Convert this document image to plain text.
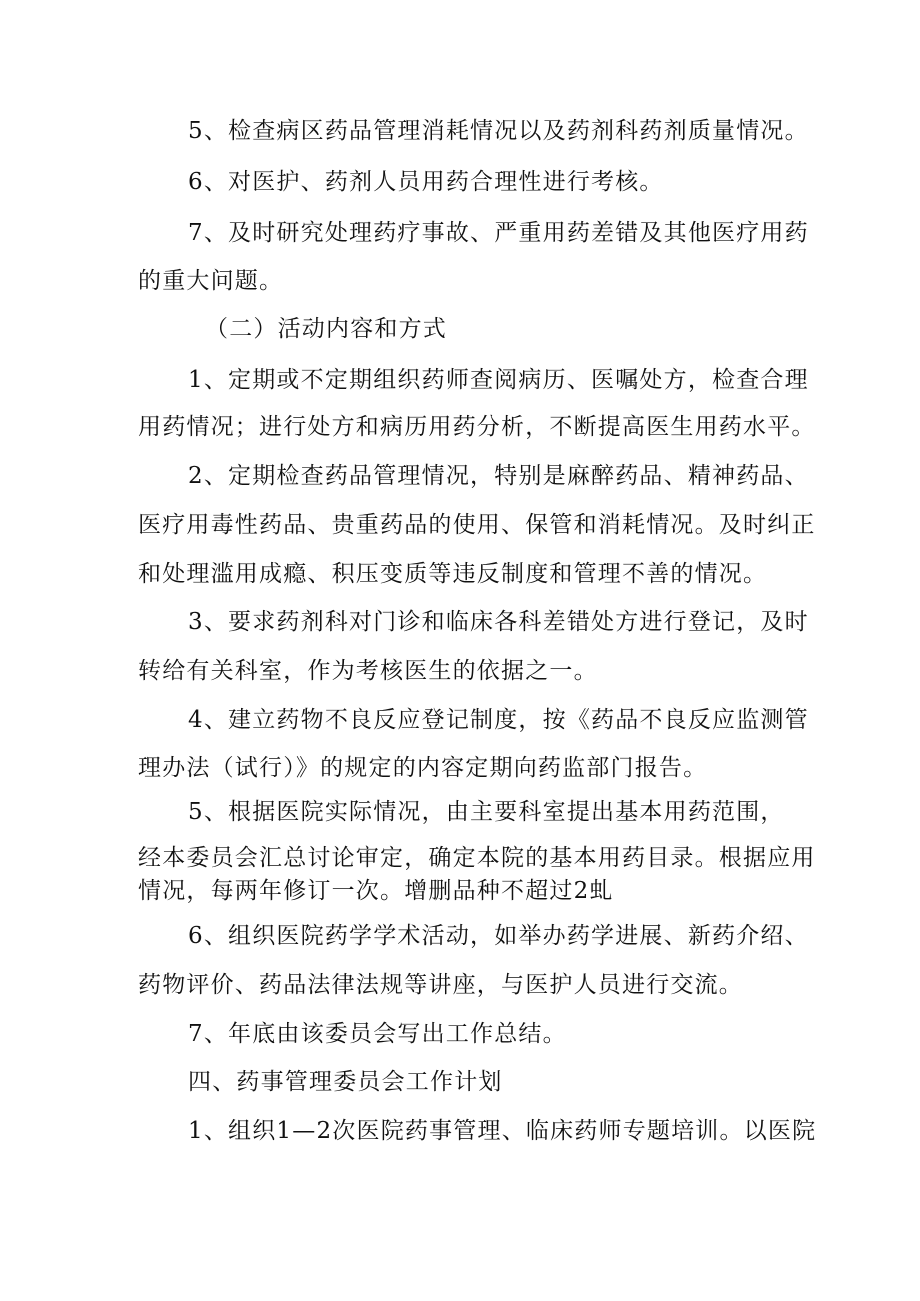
5、检查病区药品管理消耗情况以及药剂科药剂质量情况。
6、对医护、药剂人员用药合理性进行考核。
7、及时研究处理药疗事故、严重用药差错及其他医疗用药
的重大问题。
（二）活动内容和方式
1、定期或不定期组织药师查阅病历、医嘱处方，检查合理
用药情况；进行处方和病历用药分析，不断提高医生用药水平。
2、定期检查药品管理情况，特别是麻醉药品、精神药品、
医疗用毒性药品、贵重药品的使用、保管和消耗情况。及时纠正
和处理滥用成瘾、积压变质等违反制度和管理不善的情况。
3、要求药剂科对门诊和临床各科差错处方进行登记，及时
转给有关科室，作为考核医生的依据之一。
4、建立药物不良反应登记制度，按《药品不良反应监测管
理办法（试行）》的规定的内容定期向药监部门报告。
5、根据医院实际情况，由主要科室提出基本用药范围，
经本委员会汇总讨论审定，确定本院的基本用药目录。根据应用
情况，每两年修订一次。增删品种不超过2虬
6、组织医院药学学术活动，如举办药学进展、新药介绍、
药物评价、药品法律法规等讲座，与医护人员进行交流。
7、年底由该委员会写出工作总结。
四、药事管理委员会工作计划
1、组织1—2次医院药事管理、临床药师专题培训。以医院
